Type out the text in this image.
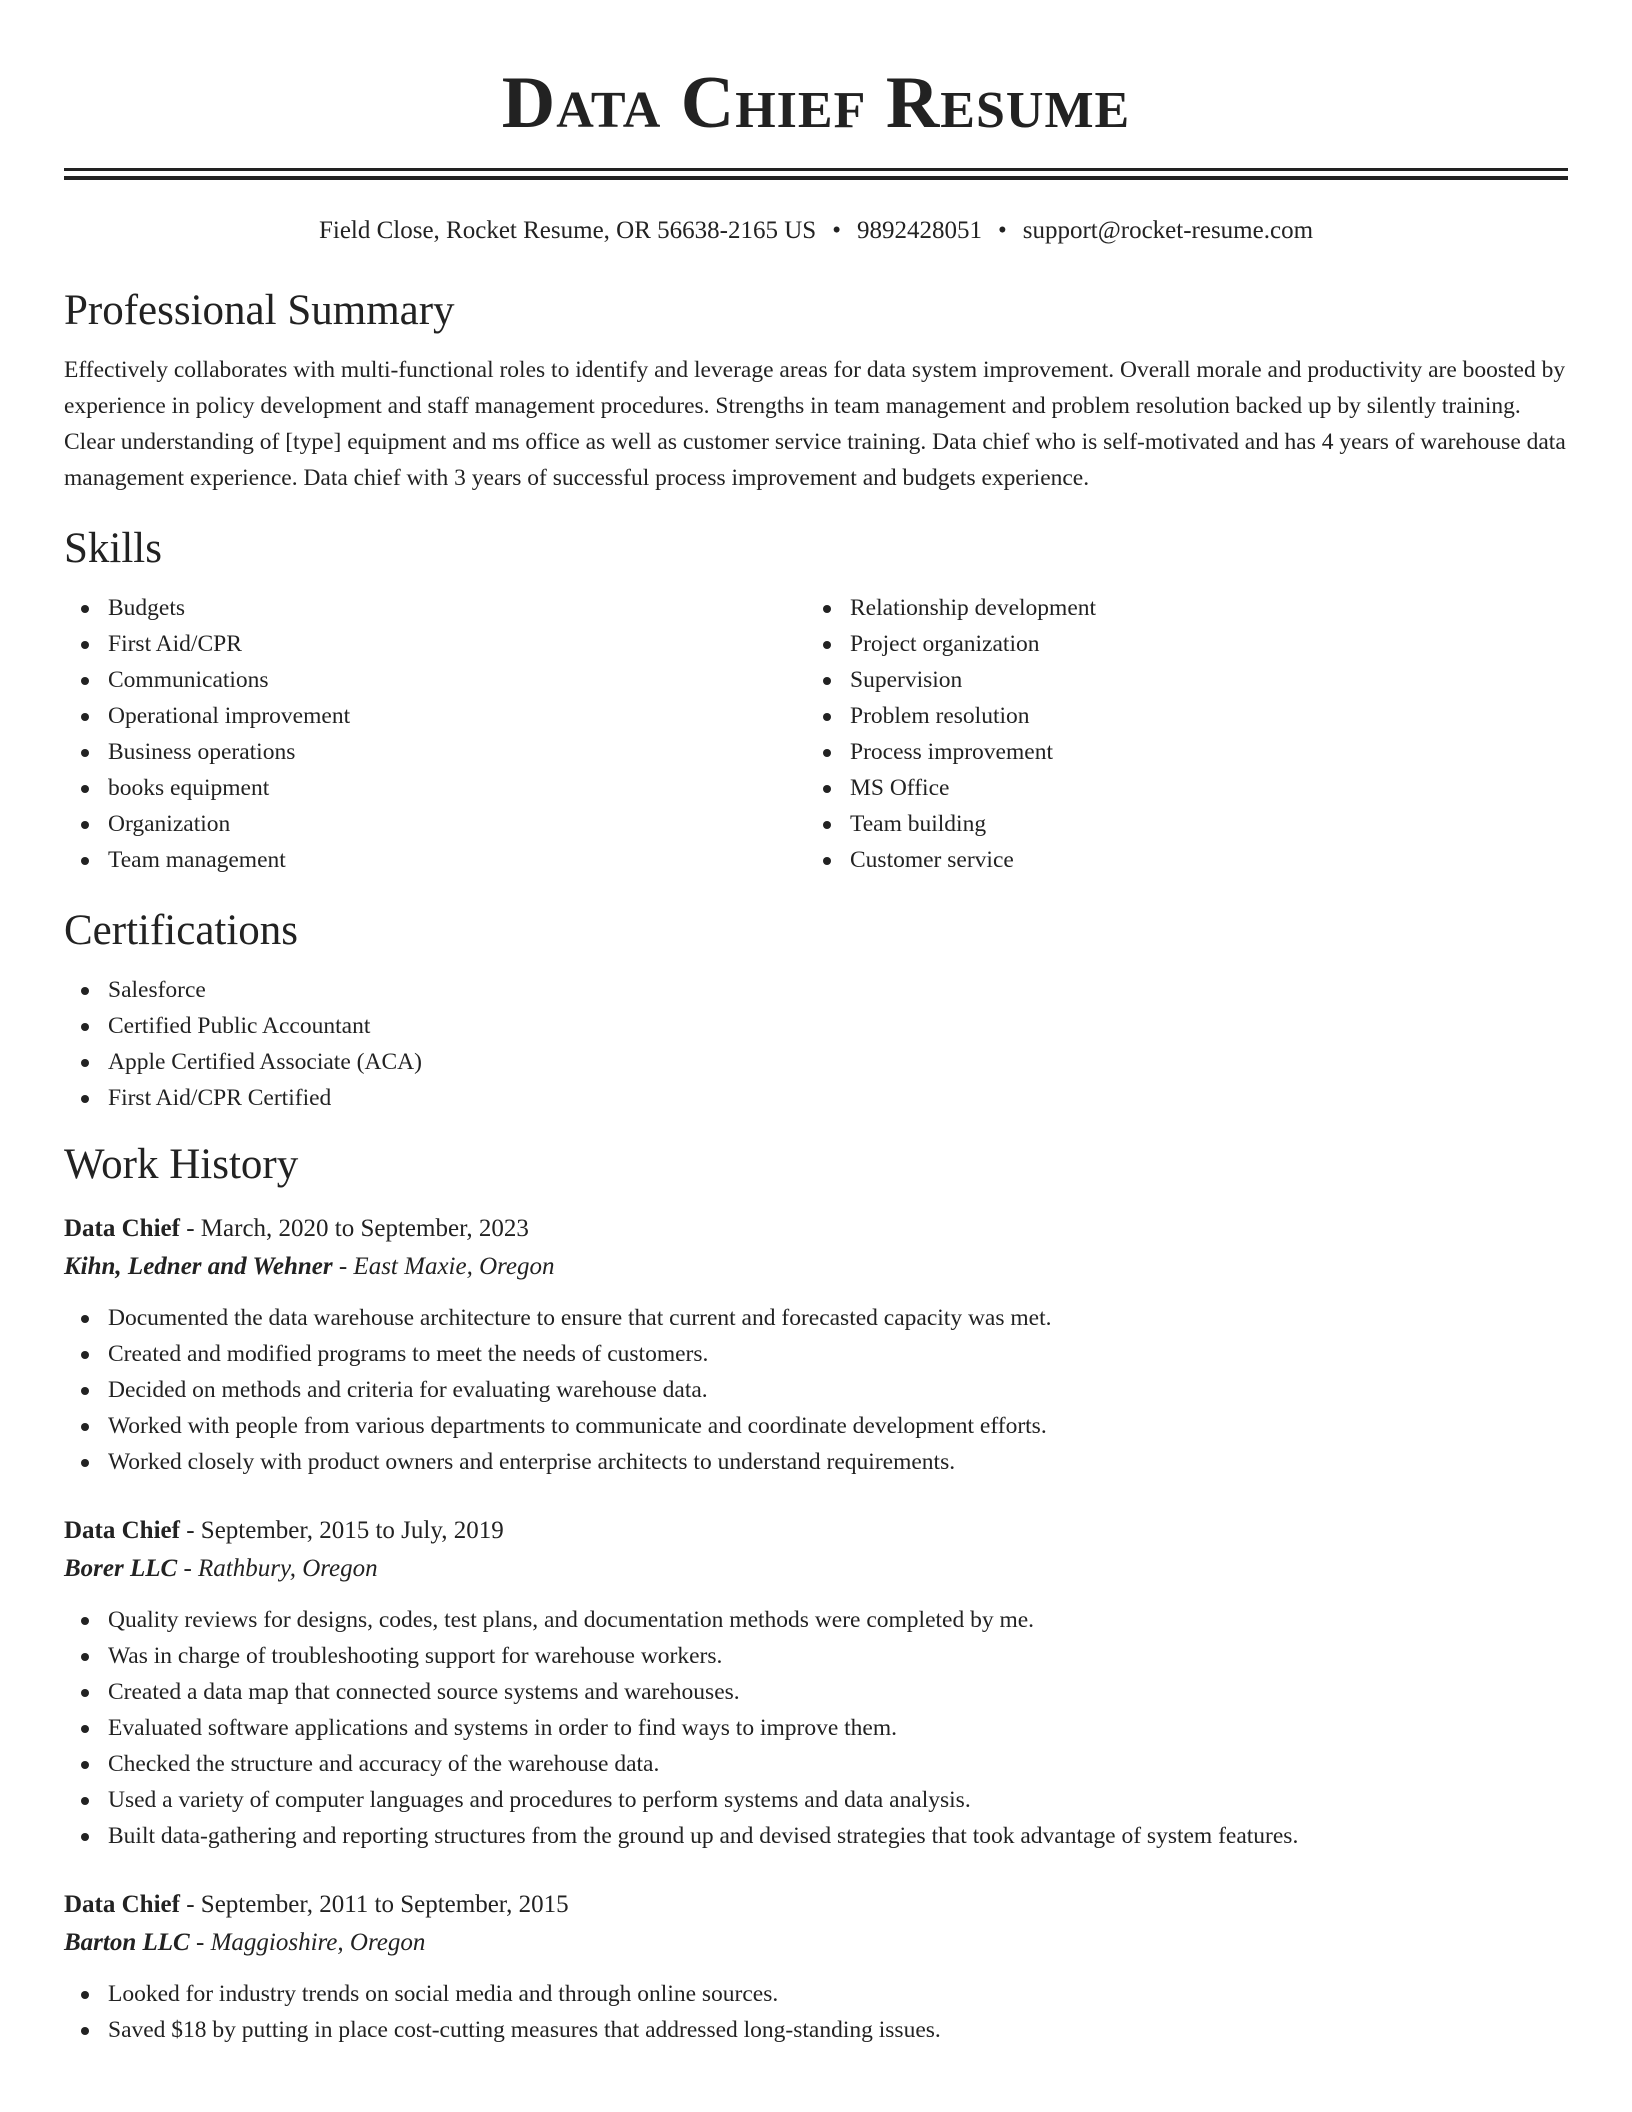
Data Chief Resume
Field Close, Rocket Resume, OR 56638-2165 US • 9892428051 • support@rocket-resume.com
Professional Summary

Effectively collaborates with multi-functional roles to identify and leverage areas for data system improvement. Overall morale and productivity are boosted by experience in policy development and staff management procedures. Strengths in team management and problem resolution backed up by silently training. Clear understanding of [type] equipment and ms office as well as customer service training. Data chief who is self-motivated and has 4 years of warehouse data management experience. Data chief with 3 years of successful process improvement and budgets experience.

Skills
Budgets
First Aid/CPR
Communications
Operational improvement
Business operations
books equipment
Organization
Team management
Relationship development
Project organization
Supervision
Problem resolution
Process improvement
MS Office
Team building
Customer service
Certifications
Salesforce
Certified Public Accountant
Apple Certified Associate (ACA)
First Aid/CPR Certified
Work History
Data Chief - March, 2020 to September, 2023
Kihn, Ledner and Wehner - East Maxie, Oregon
Documented the data warehouse architecture to ensure that current and forecasted capacity was met.
Created and modified programs to meet the needs of customers.
Decided on methods and criteria for evaluating warehouse data.
Worked with people from various departments to communicate and coordinate development efforts.
Worked closely with product owners and enterprise architects to understand requirements.
Data Chief - September, 2015 to July, 2019
Borer LLC - Rathbury, Oregon
Quality reviews for designs, codes, test plans, and documentation methods were completed by me.
Was in charge of troubleshooting support for warehouse workers.
Created a data map that connected source systems and warehouses.
Evaluated software applications and systems in order to find ways to improve them.
Checked the structure and accuracy of the warehouse data.
Used a variety of computer languages and procedures to perform systems and data analysis.
Built data-gathering and reporting structures from the ground up and devised strategies that took advantage of system features.
Data Chief - September, 2011 to September, 2015
Barton LLC - Maggioshire, Oregon
Looked for industry trends on social media and through online sources.
Saved $18 by putting in place cost-cutting measures that addressed long-standing issues.
